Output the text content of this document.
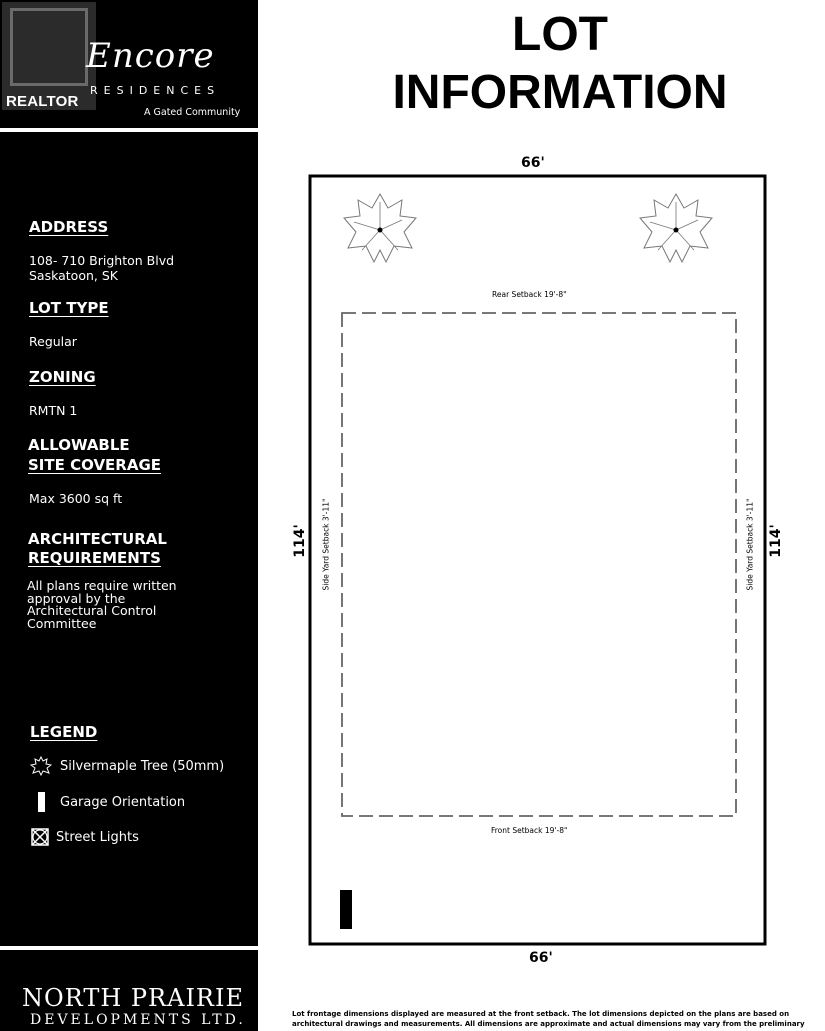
REALTOR
Encore
RESIDENCES
A Gated Community
ADDRESS
108- 710 Brighton Blvd
Saskatoon, SK
LOT TYPE
Regular
ZONING
RMTN 1
ALLOWABLE
SITE COVERAGE
Max 3600 sq ft
ARCHITECTURAL
REQUIREMENTS
All plans require written
approval by the
Architectural Control
Committee
LEGEND
Silvermaple Tree (50mm)
Garage Orientation
Street Lights
NORTH PRAIRIE
DEVELOPMENTS LTD.
LOT
INFORMATION
66'
66'
114'	114'
Rear Setback 19'-8"
Front Setback 19'-8"
Side Yard Setback 3'-11"	Side Yard Setback 3'-11"
Lot frontage dimensions displayed are measured at the front setback. The lot dimensions depicted on the plans are based on architectural drawings and measurements. All dimensions are approximate and actual dimensions may vary from the preliminary
